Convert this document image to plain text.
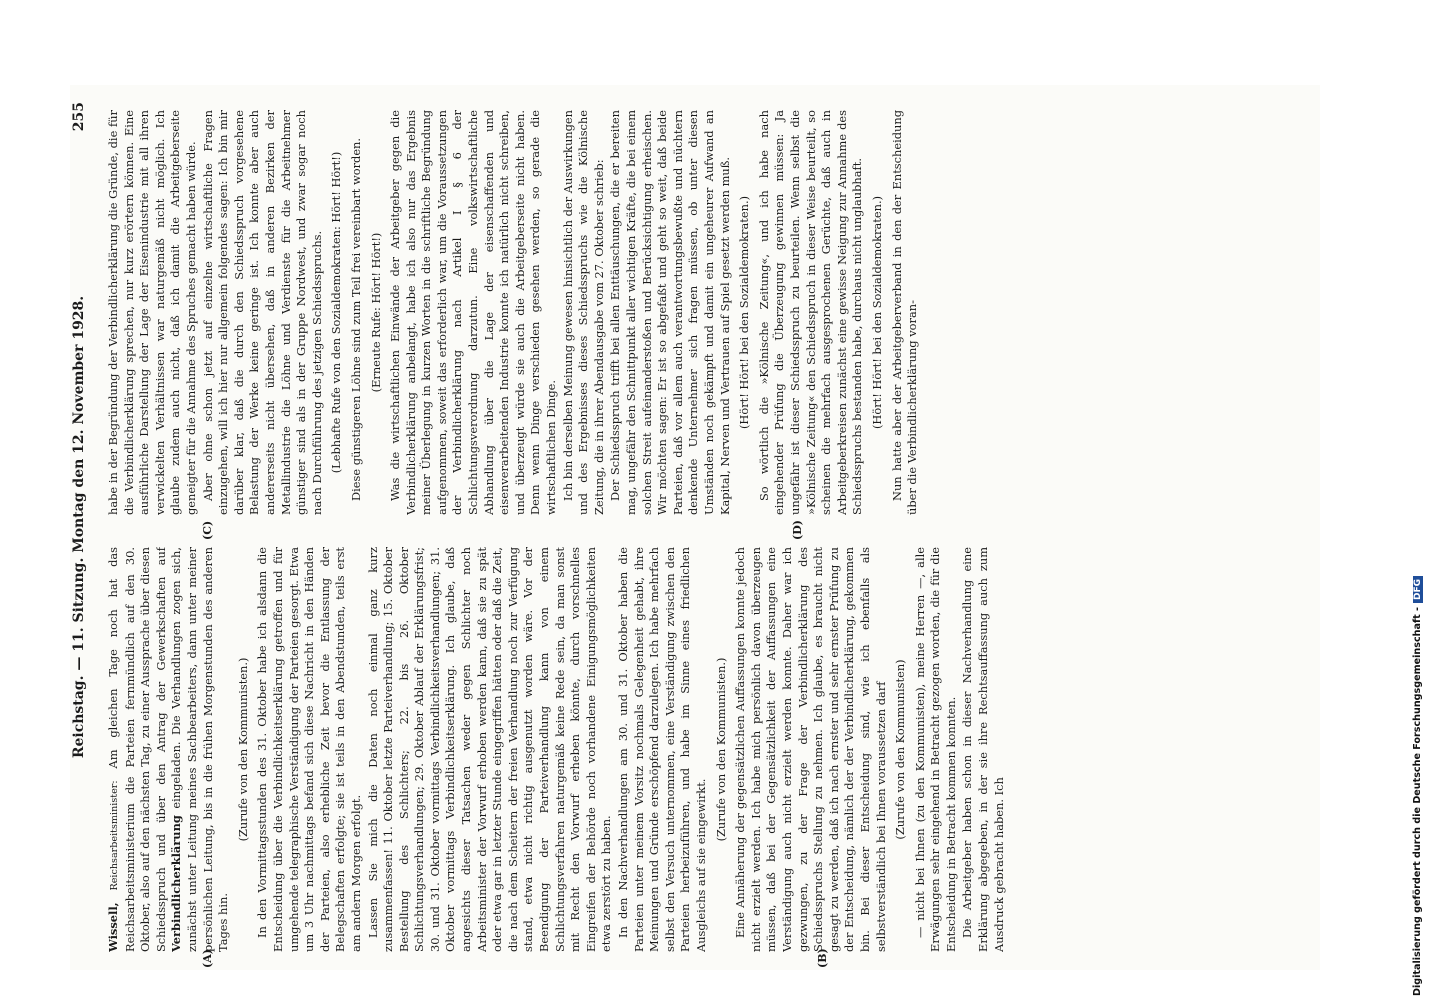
Reichstag. — 11. Sitzung. Montag den 12. November 1928.
255
(A)	(B)
(C)	(D)

Wissell, Reichsarbeitsminister: Am gleichen Tage noch hat das Reichsarbeitsministerium die Parteien fernmündlich auf den 30. Oktober, also auf den nächsten Tag, zu einer Aussprache über diesen Schiedsspruch und über den Antrag der Gewerkschaften auf Verbindlicherklärung eingeladen. Die Verhandlungen zogen sich, zunächst unter Leitung meines Sachbearbeiters, dann unter meiner persönlichen Leitung, bis in die frühen Morgenstunden des anderen Tages hin.

(Zurufe von den Kommunisten.) In den Vormittagsstunden des 31. Oktober habe ich alsdann die Entscheidung über die Verbindlichkeitserklärung getroffen und für umgehende telegraphische Verständigung der Parteien gesorgt. Etwa um 3 Uhr nachmittags befand sich diese Nachricht in den Händen der Parteien, also erhebliche Zeit bevor die Entlassung der Belegschaften erfolgte; sie ist teils in den Abendstunden, teils erst am andern Morgen erfolgt. Lassen Sie mich die Daten noch einmal ganz kurz zusammenfassen! 11. Oktober letzte Parteiverhandlung; 15. Oktober Bestellung des Schlichters; 22. bis 26. Oktober Schlichtungsverhandlungen; 29. Oktober Ablauf der Erklärungsfrist; 30. und 31. Oktober vormittags Verbindlichkeitsverhandlungen; 31. Oktober vormittags Verbindlichkeitserklärung. Ich glaube, daß angesichts dieser Tatsachen weder gegen Schlichter noch Arbeitsminister der Vorwurf erhoben werden kann, daß sie zu spät oder etwa gar in letzter Stunde eingegriffen hätten oder daß die Zeit, die nach dem Scheitern der freien Verhandlung noch zur Verfügung stand, etwa nicht richtig ausgenutzt worden wäre. Vor der Beendigung der Parteiverhandlung kann von einem Schlichtungsverfahren naturgemäß keine Rede sein, da man sonst mit Recht den Vorwurf erheben könnte, durch vorschnelles Eingreifen der Behörde noch vorhandene Einigungsmöglichkeiten etwa zerstört zu haben. In den Nachverhandlungen am 30. und 31. Oktober haben die Parteien unter meinem Vorsitz nochmals Gelegenheit gehabt, ihre Meinungen und Gründe erschöpfend darzulegen. Ich habe mehrfach selbst den Versuch unternommen, eine Verständigung zwischen den Parteien herbeizuführen, und habe im Sinne eines friedlichen Ausgleichs auf sie eingewirkt.

(Zurufe von den Kommunisten.) Eine Annäherung der gegensätzlichen Auffassungen konnte jedoch nicht erzielt werden. Ich habe mich persönlich davon überzeugen müssen, daß bei der Gegensätzlichkeit der Auffassungen eine Verständigung auch nicht erzielt werden konnte. Daher war ich gezwungen, zu der Frage der Verbindlicherklärung des Schiedsspruchs Stellung zu nehmen. Ich glaube, es braucht nicht gesagt zu werden, daß ich nach ernster und sehr ernster Prüfung zu der Entscheidung, nämlich der der Verbindlicherklärung, gekommen bin. Bei dieser Entscheidung sind, wie ich ebenfalls als selbstverständlich bei Ihnen voraussetzen darf (Zurufe von den Kommunisten) — nicht bei Ihnen (zu den Kommunisten), meine Herren —, alle Erwägungen sehr eingehend in Betracht gezogen worden, die für die Entscheidung in Betracht kommen konnten. Die Arbeitgeber haben schon in dieser Nachverhandlung eine Erklärung abgegeben, in der sie ihre Rechtsauffassung auch zum Ausdruck gebracht haben. Ich

habe in der Begründung der Verbindlicherklärung die Gründe, die für die Verbindlicherklärung sprechen, nur kurz erörtern können. Eine ausführliche Darstellung der Lage der Eisenindustrie mit all ihren verwickelten Verhältnissen war naturgemäß nicht möglich. Ich glaube zudem auch nicht, daß ich damit die Arbeitgeberseite geneigter für die Annahme des Spruches gemacht haben würde. Aber ohne schon jetzt auf einzelne wirtschaftliche Fragen einzugehen, will ich hier nur allgemein folgendes sagen: Ich bin mir darüber klar, daß die durch den Schiedsspruch vorgesehene Belastung der Werke keine geringe ist. Ich konnte aber auch andererseits nicht übersehen, daß in anderen Bezirken der Metallindustrie die Löhne und Verdienste für die Arbeitnehmer günstiger sind als in der Gruppe Nordwest, und zwar sogar noch nach Durchführung des jetzigen Schiedsspruchs. (Lebhafte Rufe von den Sozialdemokraten: Hört! Hört!) Diese günstigeren Löhne sind zum Teil frei vereinbart worden. (Erneute Rufe: Hört! Hört!) Was die wirtschaftlichen Einwände der Arbeitgeber gegen die Verbindlicherklärung anbelangt, habe ich also nur das Ergebnis meiner Überlegung in kurzen Worten in die schriftliche Begründung aufgenommen, soweit das erforderlich war, um die Voraussetzungen der Verbindlicherklärung nach Artikel I § 6 der Schlichtungsverordnung darzutun. Eine volkswirtschaftliche Abhandlung über die Lage der eisenschaffenden und eisenverarbeitenden Industrie konnte ich natürlich nicht schreiben, und überzeugt würde sie auch die Arbeitgeberseite nicht haben. Denn wenn Dinge verschieden gesehen werden, so gerade die wirtschaftlichen Dinge. Ich bin derselben Meinung gewesen hinsichtlich der Auswirkungen und des Ergebnisses dieses Schiedsspruchs wie die Kölnische Zeitung, die in ihrer Abendausgabe vom 27. Oktober schrieb: Der Schiedsspruch trifft bei allen Enttäuschungen, die er bereiten mag, ungefähr den Schnittpunkt aller wichtigen Kräfte, die bei einem solchen Streit aufeinanderstoßen und Berücksichtigung erheischen. Wir möchten sagen: Er ist so abgefaßt und geht so weit, daß beide Parteien, daß vor allem auch verantwortungsbewußte und nüchtern denkende Unternehmer sich fragen müssen, ob unter diesen Umständen noch gekämpft und damit ein ungeheurer Aufwand an Kapital, Nerven und Vertrauen auf Spiel gesetzt werden muß. (Hört! Hört! bei den Sozialdemokraten.) So wörtlich die »Kölnische Zeitung«, und ich habe nach eingehender Prüfung die Überzeugung gewinnen müssen: Ja ungefähr ist dieser Schiedsspruch zu beurteilen. Wenn selbst die »Kölnische Zeitung« den Schiedsspruch in dieser Weise beurteilt, so scheinen die mehrfach ausgesprochenen Gerüchte, daß auch in Arbeitgeberkreisen zunächst eine gewisse Neigung zur Annahme des Schiedsspruchs bestanden habe, durchaus nicht unglaubhaft. (Hört! Hört! bei den Sozialdemokraten.) Nun hatte aber der Arbeitgeberverband in den der Entscheidung über die Verbindlicherklärung voran-

Digitalisierung gefördert durch die Deutsche Forschungsgemeinschaft -DFG
